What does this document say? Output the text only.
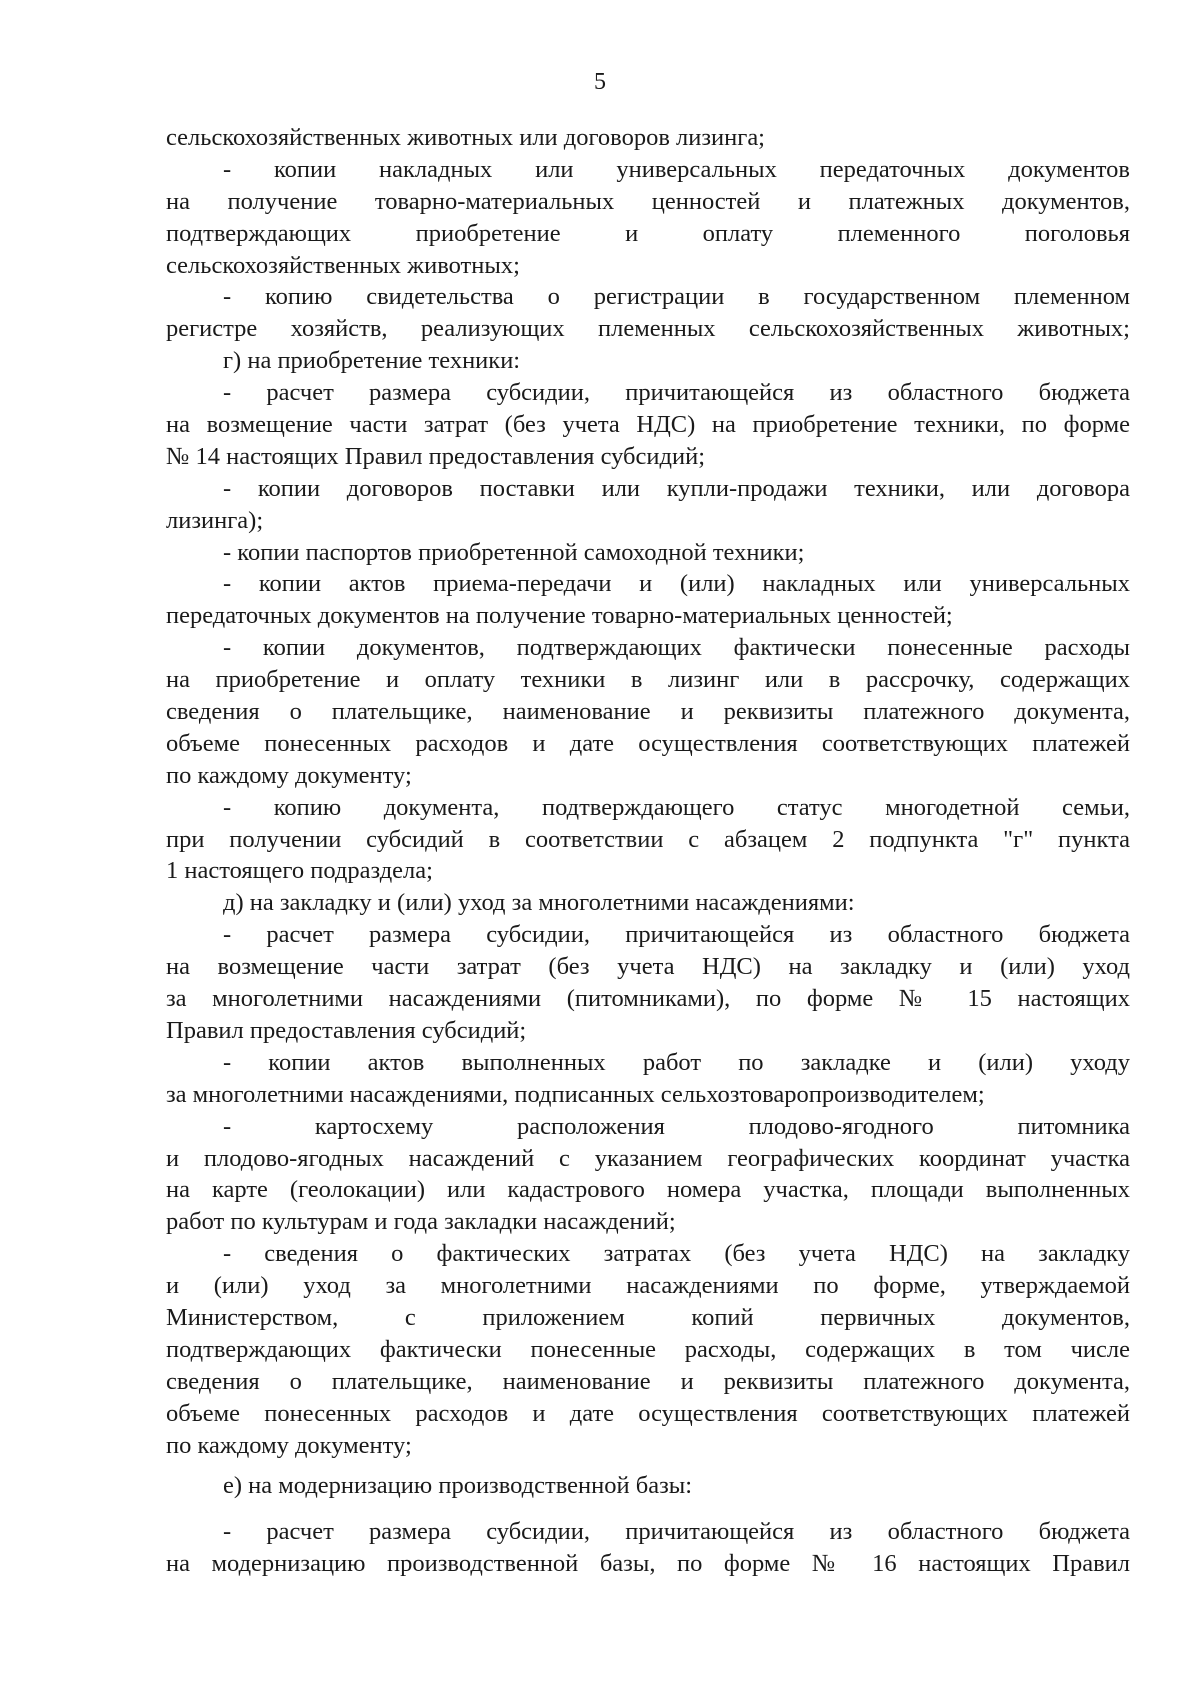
5
сельскохозяйственных животных или договоров лизинга;
- копии накладных или универсальных передаточных документов
на получение товарно-материальных ценностей и платежных документов,
подтверждающих приобретение и оплату племенного поголовья
сельскохозяйственных животных;
- копию свидетельства о регистрации в государственном племенном
регистре хозяйств, реализующих племенных сельскохозяйственных животных;
г) на приобретение техники:
- расчет размера субсидии, причитающейся из областного бюджета
на возмещение части затрат (без учета НДС) на приобретение техники, по форме
№ 14 настоящих Правил предоставления субсидий;
- копии договоров поставки или купли-продажи техники, или договора
лизинга);
- копии паспортов приобретенной самоходной техники;
- копии актов приема-передачи и (или) накладных или универсальных
передаточных документов на получение товарно-материальных ценностей;
- копии документов, подтверждающих фактически понесенные расходы
на приобретение и оплату техники в лизинг или в рассрочку, содержащих
сведения о плательщике, наименование и реквизиты платежного документа,
объеме понесенных расходов и дате осуществления соответствующих платежей
по каждому документу;
- копию документа, подтверждающего статус многодетной семьи,
при получении субсидий в соответствии с абзацем 2 подпункта "г" пункта
1 настоящего подраздела;
д) на закладку и (или) уход за многолетними насаждениями:
- расчет размера субсидии, причитающейся из областного бюджета
на возмещение части затрат (без учета НДС) на закладку и (или) уход
за многолетними насаждениями (питомниками), по форме № 15 настоящих
Правил предоставления субсидий;
- копии актов выполненных работ по закладке и (или) уходу
за многолетними насаждениями, подписанных сельхозтоваропроизводителем;
- картосхему расположения плодово-ягодного питомника
и плодово-ягодных насаждений с указанием географических координат участка
на карте (геолокации) или кадастрового номера участка, площади выполненных
работ по культурам и года закладки насаждений;
- сведения о фактических затратах (без учета НДС) на закладку
и (или) уход за многолетними насаждениями по форме, утверждаемой
Министерством, с приложением копий первичных документов,
подтверждающих фактически понесенные расходы, содержащих в том числе
сведения о плательщике, наименование и реквизиты платежного документа,
объеме понесенных расходов и дате осуществления соответствующих платежей
по каждому документу;
е) на модернизацию производственной базы:
- расчет размера субсидии, причитающейся из областного бюджета
на модернизацию производственной базы, по форме № 16 настоящих Правил
